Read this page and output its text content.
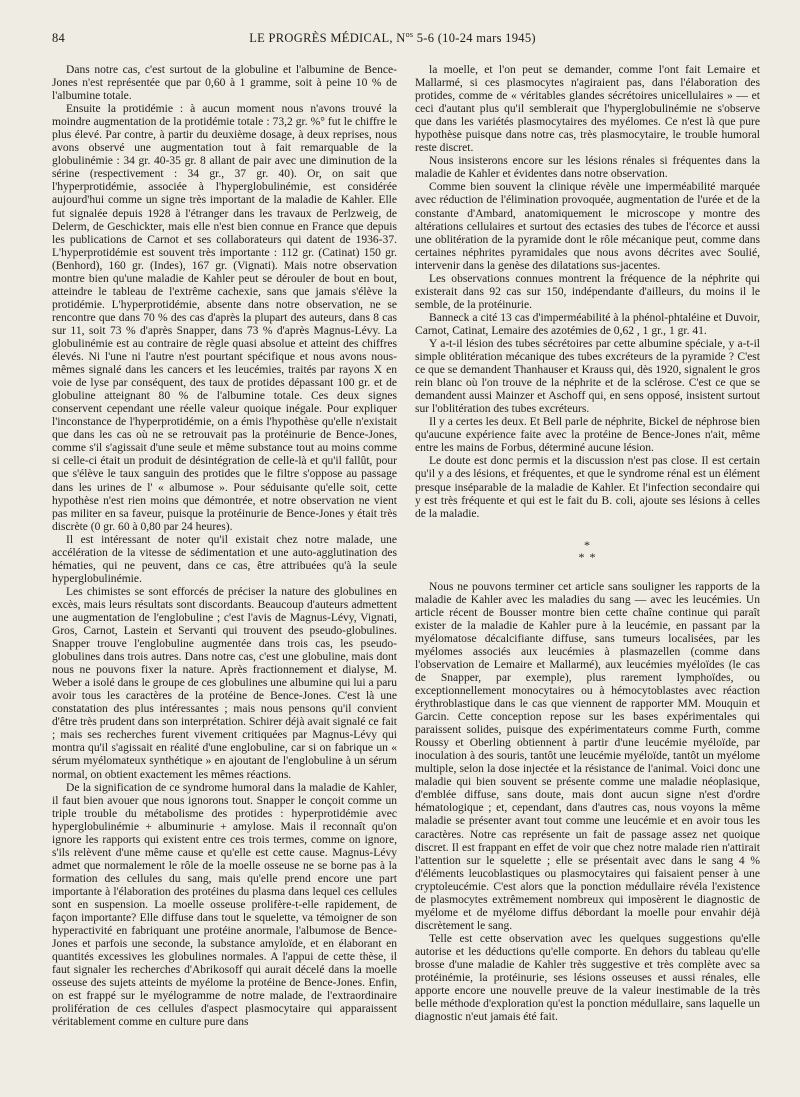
84	LE PROGRÈS MÉDICAL, $N^{os}$ 5-6 (10-24 mars 1945)

Dans notre cas, c'est surtout de la globuline et l'albumine de Bence-Jones n'est représentée que par 0,60 à 1 gramme, soit à peine 10 % de l'albumine totale.

Ensuite la protidémie : à aucun moment nous n'avons trouvé la moindre augmentation de la protidémie totale : 73,2 gr. %° fut le chiffre le plus élevé. Par contre, à partir du deuxième dosage, à deux reprises, nous avons observé une augmentation tout à fait remarquable de la globulinémie : 34 gr. 40-35 gr. 8 allant de pair avec une diminution de la sérine (respectivement : 34 gr., 37 gr. 40). Or, on sait que l'hyperprotidémie, associée à l'hyperglobulinémie, est considérée aujourd'hui comme un signe très important de la maladie de Kahler. Elle fut signalée depuis 1928 à l'étranger dans les travaux de Perlzweig, de Delerm, de Geschickter, mais elle n'est bien connue en France que depuis les publications de Carnot et ses collaborateurs qui datent de 1936-37. L'hyperprotidémie est souvent très importante : 112 gr. (Catinat) 150 gr. (Benhord), 160 gr. (Indes), 167 gr. (Vignati). Mais notre observation montre bien qu'une maladie de Kahler peut se dérouler de bout en bout, atteindre le tableau de l'extrême cachexie, sans que jamais s'élève la protidémie. L'hyperprotidémie, absente dans notre observation, ne se rencontre que dans 70 % des cas d'après la plupart des auteurs, dans 8 cas sur 11, soit 73 % d'après Snapper, dans 73 % d'après Magnus-Lévy. La globulinémie est au contraire de règle quasi absolue et atteint des chiffres élevés. Ni l'une ni l'autre n'est pourtant spécifique et nous avons nous-mêmes signalé dans les cancers et les leucémies, traités par rayons X en voie de lyse par conséquent, des taux de protides dépassant 100 gr. et de globuline atteignant 80 % de l'albumine totale. Ces deux signes conservent cependant une réelle valeur quoique inégale. Pour expliquer l'inconstance de l'hyperprotidémie, on a émis l'hypothèse qu'elle n'existait que dans les cas où ne se retrouvait pas la protéinurie de Bence-Jones, comme s'il s'agissait d'une seule et même substance tout au moins comme si celle-ci était un produit de désintégration de celle-là et qu'il fallût, pour que s'élève le taux sanguin des protides que le filtre s'oppose au passage dans les urines de l' « albumose ». Pour séduisante qu'elle soit, cette hypothèse n'est rien moins que démontrée, et notre observation ne vient pas militer en sa faveur, puisque la protéinurie de Bence-Jones y était très discrète (0 gr. 60 à 0,80 par 24 heures).

Il est intéressant de noter qu'il existait chez notre malade, une accélération de la vitesse de sédimentation et une auto-agglutination des hématies, qui ne peuvent, dans ce cas, être attribuées qu'à la seule hyperglobulinémie.

Les chimistes se sont efforcés de préciser la nature des globulines en excès, mais leurs résultats sont discordants. Beaucoup d'auteurs admettent une augmentation de l'englobuline ; c'est l'avis de Magnus-Lévy, Vignati, Gros, Carnot, Lastein et Servanti qui trouvent des pseudo-globulines. Snapper trouve l'englobuline augmentée dans trois cas, les pseudo-globulines dans trois autres. Dans notre cas, c'est une globuline, mais dont nous ne pouvons fixer la nature. Après fractionnement et dialyse, M. Weber a isolé dans le groupe de ces globulines une albumine qui lui a paru avoir tous les caractères de la protéine de Bence-Jones. C'est là une constatation des plus intéressantes ; mais nous pensons qu'il convient d'être très prudent dans son interprétation. Schirer déjà avait signalé ce fait ; mais ses recherches furent vivement critiquées par Magnus-Lévy qui montra qu'il s'agissait en réalité d'une englobuline, car si on fabrique un « sérum myélomateux synthétique » en ajoutant de l'englobuline à un sérum normal, on obtient exactement les mêmes réactions.

De la signification de ce syndrome humoral dans la maladie de Kahler, il faut bien avouer que nous ignorons tout. Snapper le conçoit comme un triple trouble du métabolisme des protides : hyperprotidémie avec hyperglobulinémie + albuminurie + amylose. Mais il reconnaît qu'on ignore les rapports qui existent entre ces trois termes, comme on ignore, s'ils relèvent d'une même cause et qu'elle est cette cause. Magnus-Lévy admet que normalement le rôle de la moelle osseuse ne se borne pas à la formation des cellules du sang, mais qu'elle prend encore une part importante à l'élaboration des protéines du plasma dans lequel ces cellules sont en suspension. La moelle osseuse prolifère-t-elle rapidement, de façon importante? Elle diffuse dans tout le squelette, va témoigner de son hyperactivité en fabriquant une protéine anormale, l'albumose de Bence-Jones et parfois une seconde, la substance amyloïde, et en élaborant en quantités excessives les globulines normales. A l'appui de cette thèse, il faut signaler les recherches d'Abrikosoff qui aurait décelé dans la moelle osseuse des sujets atteints de myélome la protéine de Bence-Jones. Enfin, on est frappé sur le myélogramme de notre malade, de l'extraordinaire prolifération de ces cellules d'aspect plasmocytaire qui apparaissent véritablement comme en culture pure dans

la moelle, et l'on peut se demander, comme l'ont fait Lemaire et Mallarmé, si ces plasmocytes n'agiraient pas, dans l'élaboration des protides, comme de « véritables glandes sécrétoires unicellulaires » — et ceci d'autant plus qu'il semblerait que l'hyperglobulinémie ne s'observe que dans les variétés plasmocytaires des myélomes. Ce n'est là que pure hypothèse puisque dans notre cas, très plasmocytaire, le trouble humoral reste discret.

Nous insisterons encore sur les lésions rénales si fréquentes dans la maladie de Kahler et évidentes dans notre observation.

Comme bien souvent la clinique révèle une imperméabilité marquée avec réduction de l'élimination provoquée, augmentation de l'urée et de la constante d'Ambard, anatomiquement le microscope y montre des altérations cellulaires et surtout des ectasies des tubes de l'écorce et aussi une oblitération de la pyramide dont le rôle mécanique peut, comme dans certaines néphrites pyramidales que nous avons décrites avec Soulié, intervenir dans la genèse des dilatations sus-jacentes.

Les observations connues montrent la fréquence de la néphrite qui existerait dans 92 cas sur 150, indépendante d'ailleurs, du moins il le semble, de la protéinurie.

Banneck a cité 13 cas d'imperméabilité à la phénol-phtaléine et Duvoir, Carnot, Catinat, Lemaire des azotémies de 0,62 , 1 gr., 1 gr. 41.

Y a-t-il lésion des tubes sécrétoires par cette albumine spéciale, y a-t-il simple oblitération mécanique des tubes excréteurs de la pyramide ? C'est ce que se demandent Thanhauser et Krauss qui, dès 1920, signalent le gros rein blanc où l'on trouve de la néphrite et de la sclérose. C'est ce que se demandent aussi Mainzer et Aschoff qui, en sens opposé, insistent surtout sur l'oblitération des tubes excréteurs.

Il y a certes les deux. Et Bell parle de néphrite, Bickel de néphrose bien qu'aucune expérience faite avec la protéine de Bence-Jones n'ait, même entre les mains de Forbus, déterminé aucune lésion.

Le doute est donc permis et la discussion n'est pas close. Il est certain qu'il y a des lésions, et fréquentes, et que le syndrome rénal est un élément presque inséparable de la maladie de Kahler. Et l'infection secondaire qui y est très fréquente et qui est le fait du B. coli, ajoute ses lésions à celles de la maladie.

*
* *

Nous ne pouvons terminer cet article sans souligner les rapports de la maladie de Kahler avec les maladies du sang — avec les leucémies. Un article récent de Bousser montre bien cette chaîne continue qui paraît exister de la maladie de Kahler pure à la leucémie, en passant par la myélomatose décalcifiante diffuse, sans tumeurs localisées, par les myélomes associés aux leucémies à plasmazellen (comme dans l'observation de Lemaire et Mallarmé), aux leucémies myéloïdes (le cas de Snapper, par exemple), plus rarement lymphoïdes, ou exceptionnellement monocytaires ou à hémocytoblastes avec réaction érythroblastique dans le cas que viennent de rapporter MM. Mouquin et Garcin. Cette conception repose sur les bases expérimentales qui paraissent solides, puisque des expérimentateurs comme Furth, comme Roussy et Oberling obtiennent à partir d'une leucémie myéloïde, par inoculation à des souris, tantôt une leucémie myéloïde, tantôt un myélome multiple, selon la dose injectée et la résistance de l'animal. Voici donc une maladie qui bien souvent se présente comme une maladie néoplasique, d'emblée diffuse, sans doute, mais dont aucun signe n'est d'ordre hématologique ; et, cependant, dans d'autres cas, nous voyons la même maladie se présenter avant tout comme une leucémie et en avoir tous les caractères. Notre cas représente un fait de passage assez net quoique discret. Il est frappant en effet de voir que chez notre malade rien n'attirait l'attention sur le squelette ; elle se présentait avec dans le sang 4 % d'éléments leucoblastiques ou plasmocytaires qui faisaient penser à une cryptoleucémie. C'est alors que la ponction médullaire révéla l'existence de plasmocytes extrêmement nombreux qui imposèrent le diagnostic de myélome et de myélome diffus débordant la moelle pour envahir déjà discrètement le sang.

Telle est cette observation avec les quelques suggestions qu'elle autorise et les déductions qu'elle comporte. En dehors du tableau qu'elle brosse d'une maladie de Kahler très suggestive et très complète avec sa protéinémie, la protéinurie, ses lésions osseuses et aussi rénales, elle apporte encore une nouvelle preuve de la valeur inestimable de la très belle méthode d'exploration qu'est la ponction médullaire, sans laquelle un diagnostic n'eut jamais été fait.
